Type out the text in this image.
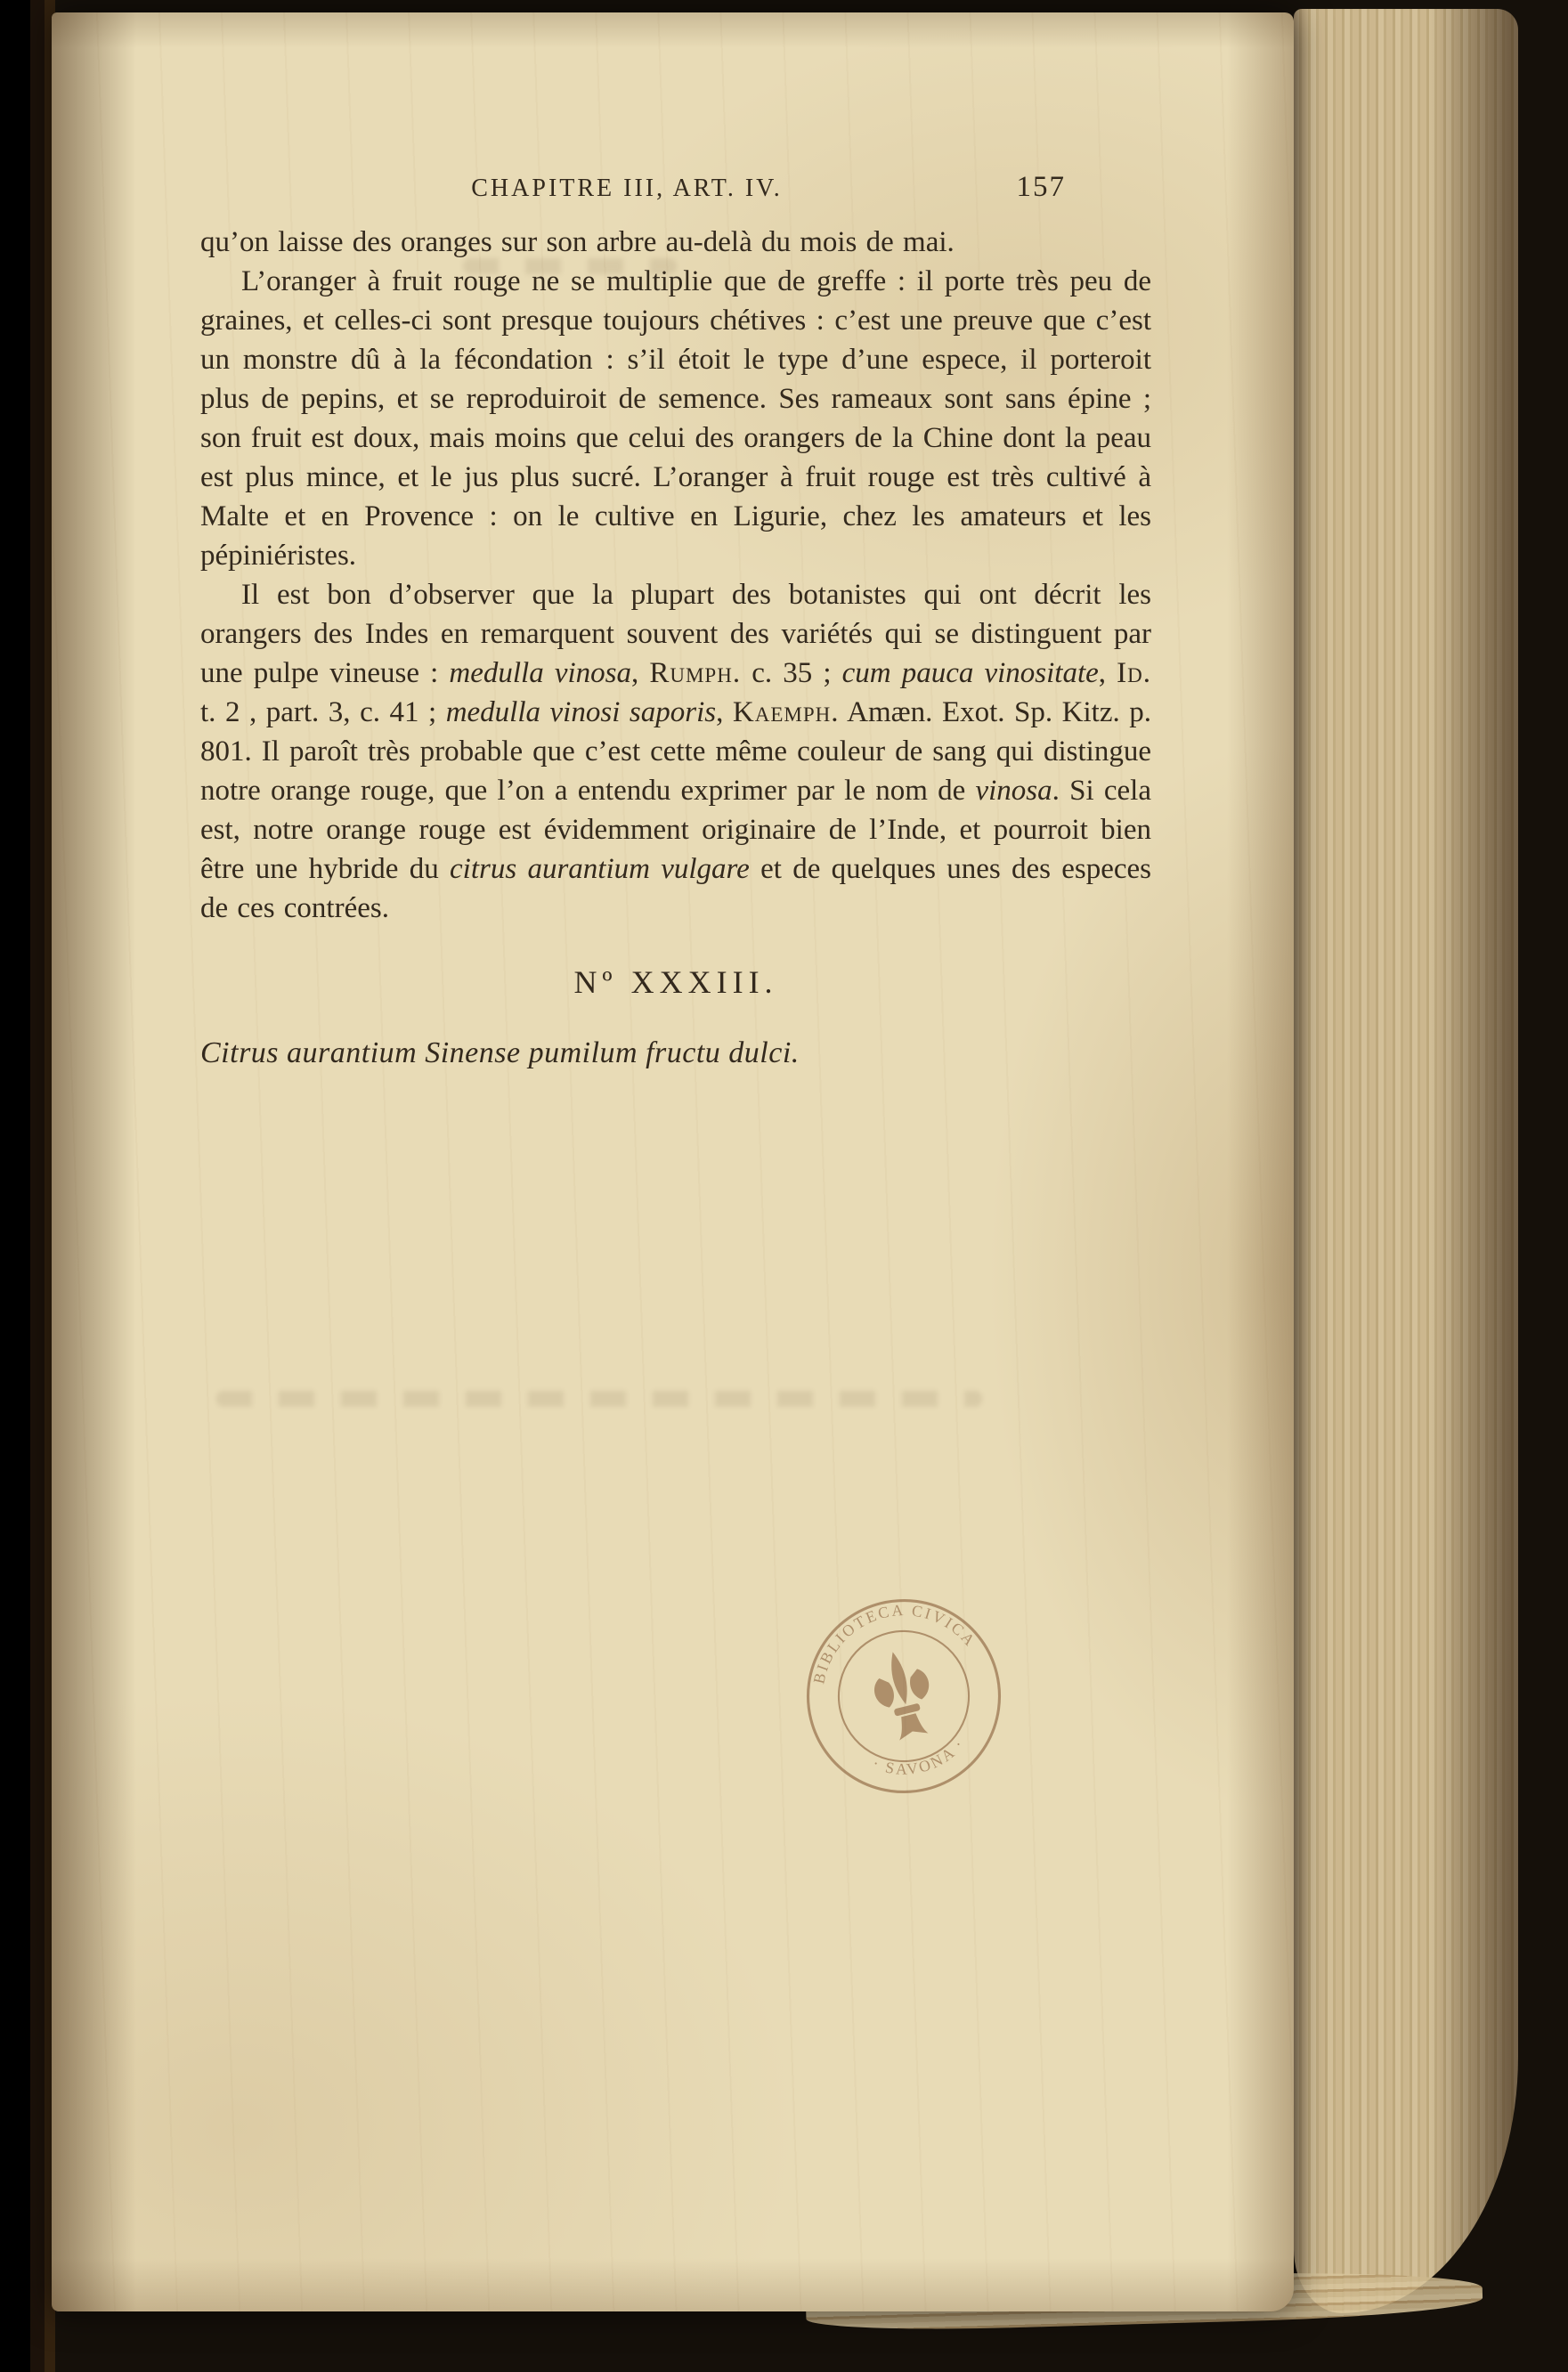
CHAPITRE III, ART. IV.	157

qu’on laisse des oranges sur son arbre au-delà du mois de mai.

L’oranger à fruit rouge ne se multiplie que de greffe : il porte très peu de graines, et celles-ci sont presque toujours chétives : c’est une preuve que c’est un monstre dû à la fécondation : s’il étoit le type d’une espece, il porteroit plus de pepins, et se reproduiroit de semence. Ses rameaux sont sans épine ; son fruit est doux, mais moins que celui des orangers de la Chine dont la peau est plus mince, et le jus plus sucré. L’oranger à fruit rouge est très cultivé à Malte et en Provence : on le cultive en Ligurie, chez les amateurs et les pépiniéristes.

Il est bon d’observer que la plupart des botanistes qui ont décrit les orangers des Indes en remarquent souvent des variétés qui se distinguent par une pulpe vineuse : medulla vinosa, Rumph. c. 35 ; cum pauca vinositate, Id. t. 2 , part. 3, c. 41 ; medulla vinosi saporis, Kaemph. Amæn. Exot. Sp. Kitz. p. 801. Il paroît très probable que c’est cette même couleur de sang qui distingue notre orange rouge, que l’on a entendu exprimer par le nom de vinosa. Si cela est, notre orange rouge est évidemment originaire de l’Inde, et pourroit bien être une hybride du citrus aurantium vulgare et de quelques unes des especes de ces contrées.

Nº XXXIII.
Citrus aurantium Sinense pumilum fructu dulci.
BIBLIOTECA CIVICA
· SAVONA ·
